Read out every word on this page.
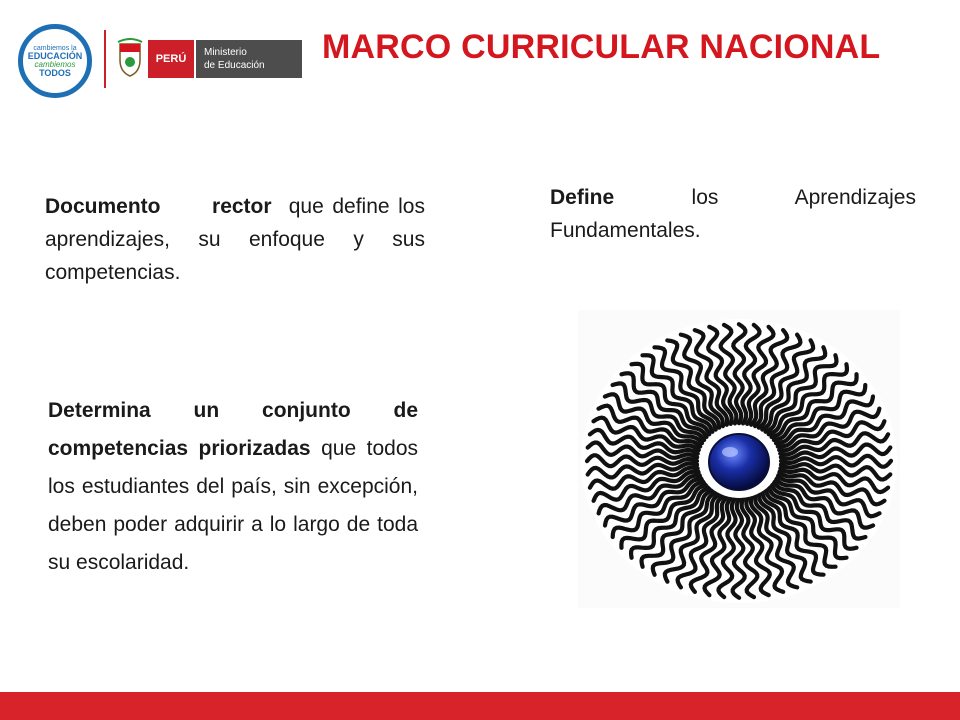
cambiemos la
EDUCACIÓN
cambiemos
TODOS
PERÚ
Ministerio
de Educación	MARCO CURRICULAR NACIONAL
Documento rector que define los aprendizajes, su enfoque y sus competencias.
Define	los Aprendizajes Fundamentales.
Determina un conjunto de competencias priorizadas que todos los estudiantes del país, sin excepción, deben poder adquirir a lo largo de toda su escolaridad.
